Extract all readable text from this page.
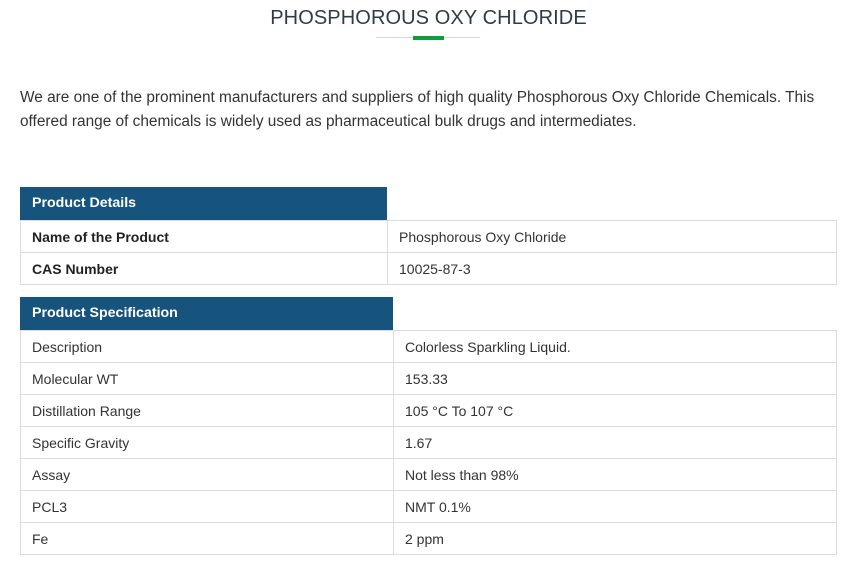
PHOSPHOROUS OXY CHLORIDE

We are one of the prominent manufacturers and suppliers of high quality Phosphorous Oxy Chloride Chemicals. This offered range of chemicals is widely used as pharmaceutical bulk drugs and intermediates.

Product Details
Name of the Product	Phosphorous Oxy Chloride
CAS Number	10025-87-3
Product Specification
Description	Colorless Sparkling Liquid.
Molecular WT	153.33
Distillation Range	105 °C To 107 °C
Specific Gravity	1.67
Assay	Not less than 98%
PCL3	NMT 0.1%
Fe	2 ppm
